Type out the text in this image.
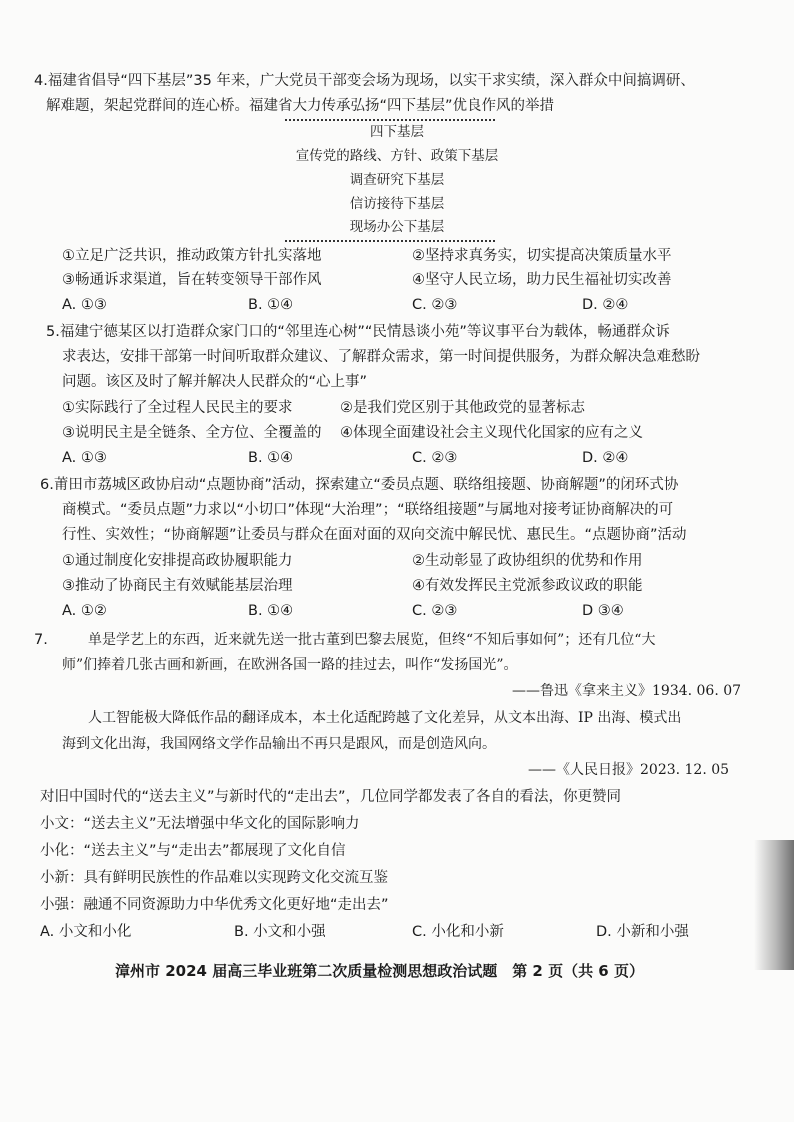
4.福建省倡导“四下基层”35 年来，广大党员干部变会场为现场，以实干求实绩，深入群众中间搞调研、
解难题，架起党群间的连心桥。福建省大力传承弘扬“四下基层”优良作风的举措
四下基层
宣传党的路线、方针、政策下基层
调查研究下基层
信访接待下基层
现场办公下基层
①立足广泛共识，推动政策方针扎实落地	②坚持求真务实，切实提高决策质量水平
③畅通诉求渠道，旨在转变领导干部作风	④坚守人民立场，助力民生福祉切实改善
A. ①③	B. ①④	C. ②③	D. ②④
5.福建宁德某区以打造群众家门口的“邻里连心树”“民情恳谈小苑”等议事平台为载体，畅通群众诉
求表达，安排干部第一时间听取群众建议、了解群众需求，第一时间提供服务，为群众解决急难愁盼
问题。该区及时了解并解决人民群众的“心上事”
①实际践行了全过程人民民主的要求	②是我们党区别于其他政党的显著标志
③说明民主是全链条、全方位、全覆盖的 ④体现全面建设社会主义现代化国家的应有之义
A. ①③	B. ①④	C. ②③	D. ②④
6.莆田市荔城区政协启动“点题协商”活动，探索建立“委员点题、联络组接题、协商解题”的闭环式协
商模式。“委员点题”力求以“小切口”体现“大治理”；“联络组接题”与属地对接考证协商解决的可
行性、实效性；“协商解题”让委员与群众在面对面的双向交流中解民忧、惠民生。“点题协商”活动
①通过制度化安排提高政协履职能力	②生动彰显了政协组织的优势和作用
③推动了协商民主有效赋能基层治理	④有效发挥民主党派参政议政的职能
A. ①②	B. ①④	C. ②③	D ③④
7.	单是学艺上的东西，近来就先送一批古董到巴黎去展览，但终“不知后事如何”；还有几位“大
师”们捧着几张古画和新画，在欧洲各国一路的挂过去，叫作“发扬国光”。
——鲁迅《拿来主义》1934. 06. 07
人工智能极大降低作品的翻译成本，本土化适配跨越了文化差异，从文本出海、IP 出海、模式出
海到文化出海，我国网络文学作品输出不再只是跟风，而是创造风向。
——《人民日报》2023. 12. 05
对旧中国时代的“送去主义”与新时代的“走出去”，几位同学都发表了各自的看法，你更赞同
小文：“送去主义”无法增强中华文化的国际影响力
小化：“送去主义”与“走出去”都展现了文化自信
小新：具有鲜明民族性的作品难以实现跨文化交流互鉴
小强：融通不同资源助力中华优秀文化更好地“走出去”
A. 小文和小化	B. 小文和小强	C. 小化和小新	D. 小新和小强
漳州市 2024 届高三毕业班第二次质量检测思想政治试题　第 2 页（共 6 页）
